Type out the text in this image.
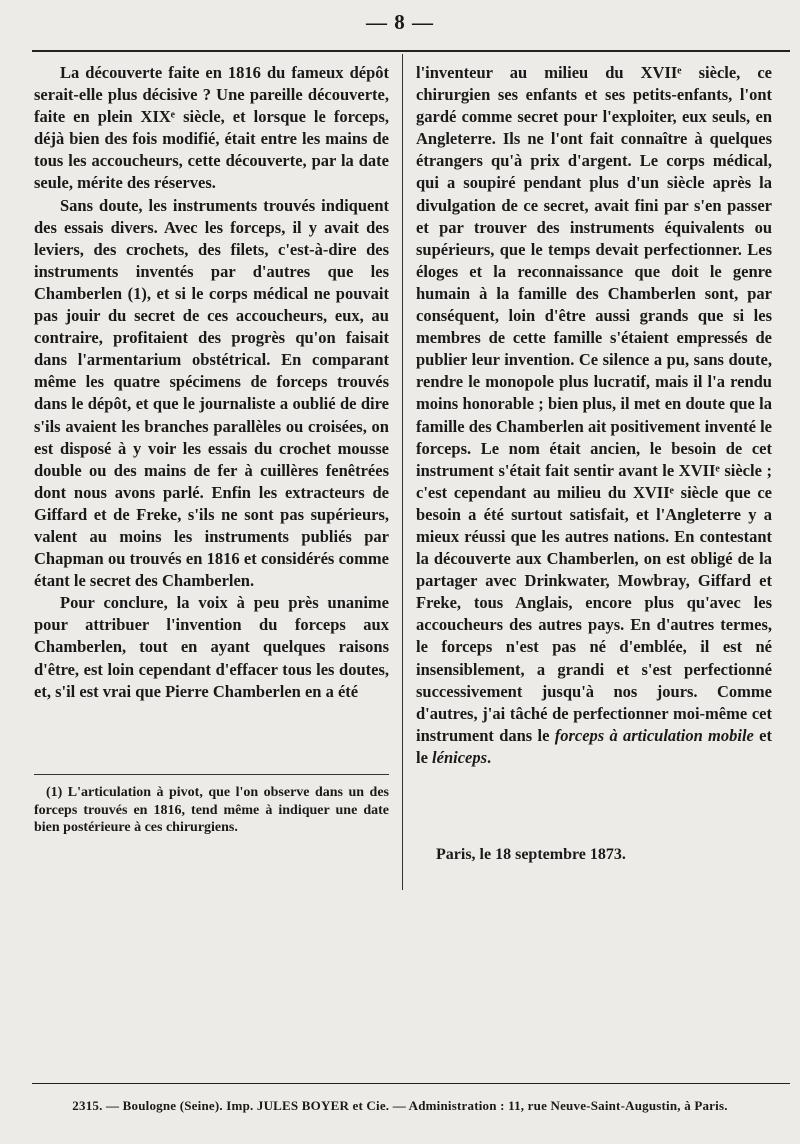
— 8 —

La découverte faite en 1816 du fameux dépôt serait-elle plus décisive ? Une pareille découverte, faite en plein XIXᵉ siècle, et lorsque le forceps, déjà bien des fois modifié, était entre les mains de tous les accoucheurs, cette découverte, par la date seule, mérite des réserves.

Sans doute, les instruments trouvés indiquent des essais divers. Avec les forceps, il y avait des leviers, des crochets, des filets, c'est-à-dire des instruments inventés par d'autres que les Chamberlen (1), et si le corps médical ne pouvait pas jouir du secret de ces accoucheurs, eux, au contraire, profitaient des progrès qu'on faisait dans l'armentarium obstétrical. En comparant même les quatre spécimens de forceps trouvés dans le dépôt, et que le journaliste a oublié de dire s'ils avaient les branches parallèles ou croisées, on est disposé à y voir les essais du crochet mousse double ou des mains de fer à cuillères fenêtrées dont nous avons parlé. Enfin les extracteurs de Giffard et de Freke, s'ils ne sont pas supérieurs, valent au moins les instruments publiés par Chapman ou trouvés en 1816 et considérés comme étant le secret des Chamberlen.

Pour conclure, la voix à peu près unanime pour attribuer l'invention du forceps aux Chamberlen, tout en ayant quelques raisons d'être, est loin cependant d'effacer tous les doutes, et, s'il est vrai que Pierre Chamberlen en a été

(1) L'articulation à pivot, que l'on observe dans un des forceps trouvés en 1816, tend même à indiquer une date bien postérieure à ces chirurgiens.

l'inventeur au milieu du XVIIᵉ siècle, ce chirurgien ses enfants et ses petits-enfants, l'ont gardé comme secret pour l'exploiter, eux seuls, en Angleterre. Ils ne l'ont fait connaître à quelques étrangers qu'à prix d'argent. Le corps médical, qui a soupiré pendant plus d'un siècle après la divulgation de ce secret, avait fini par s'en passer et par trouver des instruments équivalents ou supérieurs, que le temps devait perfectionner. Les éloges et la reconnaissance que doit le genre humain à la famille des Chamberlen sont, par conséquent, loin d'être aussi grands que si les membres de cette famille s'étaient empressés de publier leur invention. Ce silence a pu, sans doute, rendre le monopole plus lucratif, mais il l'a rendu moins honorable ; bien plus, il met en doute que la famille des Chamberlen ait positivement inventé le forceps. Le nom était ancien, le besoin de cet instrument s'était fait sentir avant le XVIIᵉ siècle ; c'est cependant au milieu du XVIIᵉ siècle que ce besoin a été surtout satisfait, et l'Angleterre y a mieux réussi que les autres nations. En contestant la découverte aux Chamberlen, on est obligé de la partager avec Drinkwater, Mowbray, Giffard et Freke, tous Anglais, encore plus qu'avec les accoucheurs des autres pays. En d'autres termes, le forceps n'est pas né d'emblée, il est né insensiblement, a grandi et s'est perfectionné successivement jusqu'à nos jours. Comme d'autres, j'ai tâché de perfectionner moi-même cet instrument dans le forceps à articulation mobile et le léniceps.

Paris, le 18 septembre 1873.
2315. — Boulogne (Seine). Imp. JULES BOYER et Cie. — Administration : 11, rue Neuve-Saint-Augustin, à Paris.
